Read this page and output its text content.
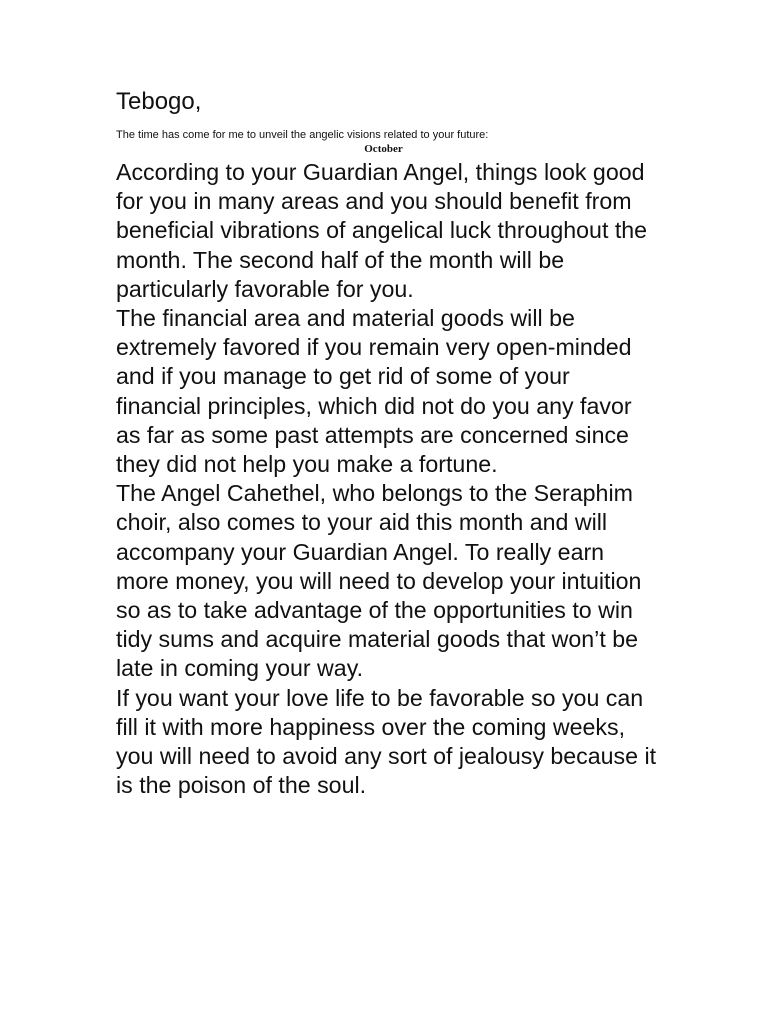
Tebogo,

The time has come for me to unveil the angelic visions related to your future:

October

According to your Guardian Angel, things look good for you in many areas and you should benefit from beneficial vibrations of angelical luck throughout the month. The second half of the month will be particularly favorable for you.

The financial area and material goods will be extremely favored if you remain very open-minded and if you manage to get rid of some of your financial principles, which did not do you any favor as far as some past attempts are concerned since they did not help you make a fortune.

The Angel Cahethel, who belongs to the Seraphim choir, also comes to your aid this month and will accompany your Guardian Angel. To really earn more money, you will need to develop your intuition so as to take advantage of the opportunities to win tidy sums and acquire material goods that won’t be late in coming your way.

If you want your love life to be favorable so you can fill it with more happiness over the coming weeks, you will need to avoid any sort of jealousy because it is the poison of the soul.
